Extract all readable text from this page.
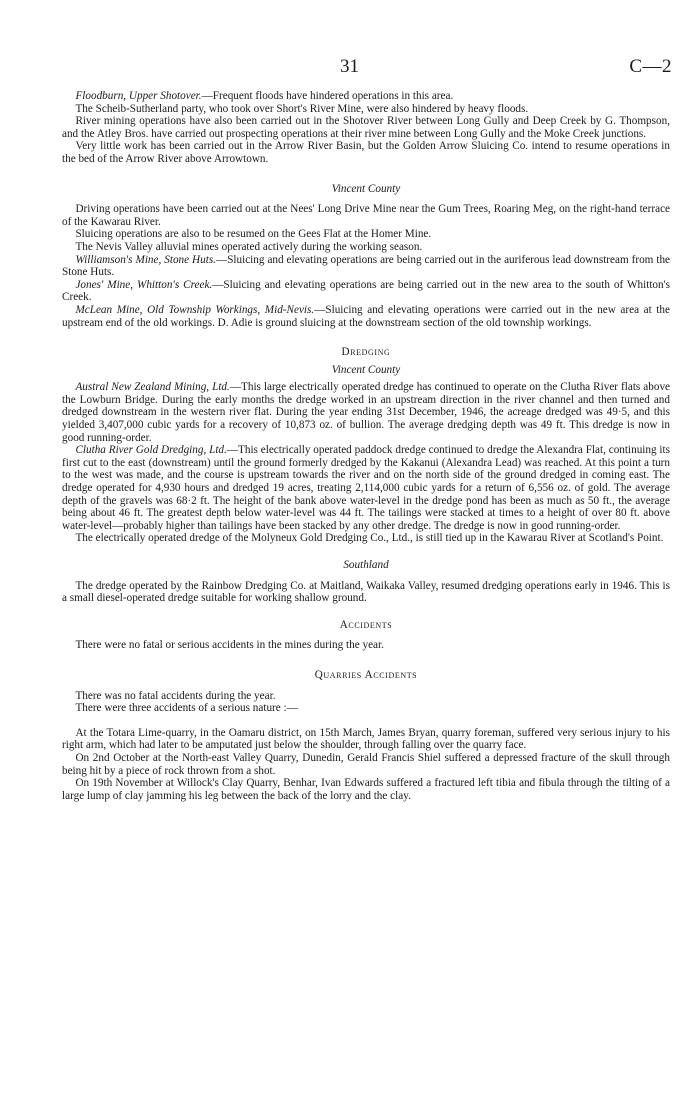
31	C—2

Floodburn, Upper Shotover.—Frequent floods have hindered operations in this area.

The Scheib-Sutherland party, who took over Short's River Mine, were also hindered by heavy floods.

River mining operations have also been carried out in the Shotover River between Long Gully and Deep Creek by G. Thompson, and the Atley Bros. have carried out prospecting operations at their river mine between Long Gully and the Moke Creek junctions.

Very little work has been carried out in the Arrow River Basin, but the Golden Arrow Sluicing Co. intend to resume operations in the bed of the Arrow River above Arrowtown.

Vincent County

Driving operations have been carried out at the Nees' Long Drive Mine near the Gum Trees, Roaring Meg, on the right-hand terrace of the Kawarau River.

Sluicing operations are also to be resumed on the Gees Flat at the Homer Mine.

The Nevis Valley alluvial mines operated actively during the working season.

Williamson's Mine, Stone Huts.—Sluicing and elevating operations are being carried out in the auriferous lead downstream from the Stone Huts.

Jones' Mine, Whitton's Creek.—Sluicing and elevating operations are being carried out in the new area to the south of Whitton's Creek.

McLean Mine, Old Township Workings, Mid-Nevis.—Sluicing and elevating operations were carried out in the new area at the upstream end of the old workings. D. Adie is ground sluicing at the downstream section of the old township workings.

Dredging
Vincent County

Austral New Zealand Mining, Ltd.—This large electrically operated dredge has continued to operate on the Clutha River flats above the Lowburn Bridge. During the early months the dredge worked in an upstream direction in the river channel and then turned and dredged downstream in the western river flat. During the year ending 31st December, 1946, the acreage dredged was 49·5, and this yielded 3,407,000 cubic yards for a recovery of 10,873 oz. of bullion. The average dredging depth was 49 ft. This dredge is now in good running-order.

Clutha River Gold Dredging, Ltd.—This electrically operated paddock dredge continued to dredge the Alexandra Flat, continuing its first cut to the east (downstream) until the ground formerly dredged by the Kakanui (Alexandra Lead) was reached. At this point a turn to the west was made, and the course is upstream towards the river and on the north side of the ground dredged in coming east. The dredge operated for 4,930 hours and dredged 19 acres, treating 2,114,000 cubic yards for a return of 6,556 oz. of gold. The average depth of the gravels was 68·2 ft. The height of the bank above water-level in the dredge pond has been as much as 50 ft., the average being about 46 ft. The greatest depth below water-level was 44 ft. The tailings were stacked at times to a height of over 80 ft. above water-level—probably higher than tailings have been stacked by any other dredge. The dredge is now in good running-order.

The electrically operated dredge of the Molyneux Gold Dredging Co., Ltd., is still tied up in the Kawarau River at Scotland's Point.

Southland

The dredge operated by the Rainbow Dredging Co. at Maitland, Waikaka Valley, resumed dredging operations early in 1946. This is a small diesel-operated dredge suitable for working shallow ground.

Accidents

There were no fatal or serious accidents in the mines during the year.

Quarries Accidents

There was no fatal accidents during the year.

There were three accidents of a serious nature :—

At the Totara Lime-quarry, in the Oamaru district, on 15th March, James Bryan, quarry foreman, suffered very serious injury to his right arm, which had later to be amputated just below the shoulder, through falling over the quarry face.

On 2nd October at the North-east Valley Quarry, Dunedin, Gerald Francis Shiel suffered a depressed fracture of the skull through being hit by a piece of rock thrown from a shot.

On 19th November at Willock's Clay Quarry, Benhar, Ivan Edwards suffered a fractured left tibia and fibula through the tilting of a large lump of clay jamming his leg between the back of the lorry and the clay.
